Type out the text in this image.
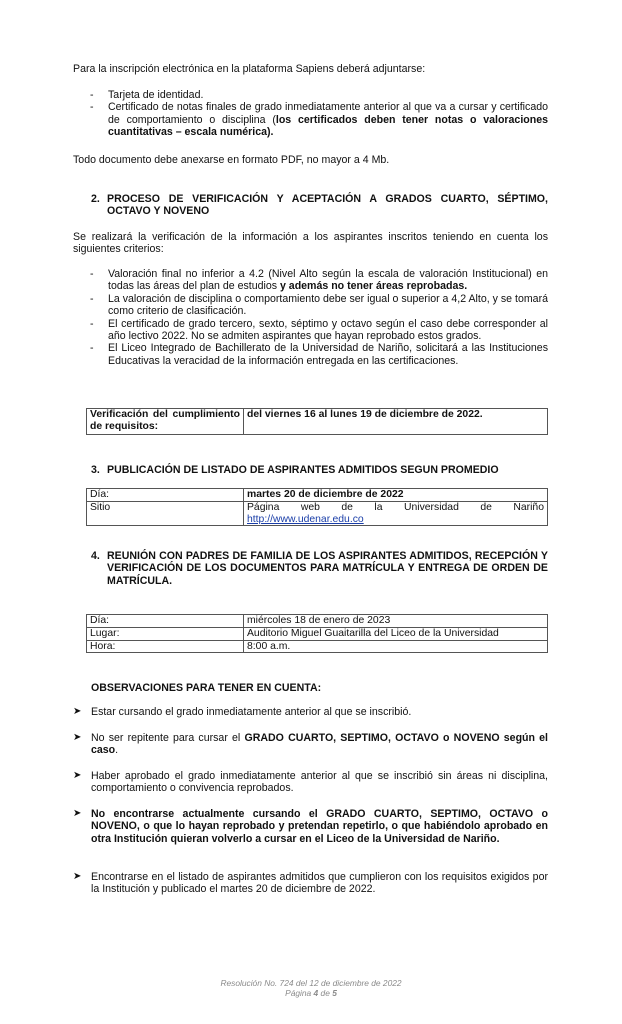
Para la inscripción electrónica en la plataforma Sapiens deberá adjuntarse:

- Tarjeta de identidad.
- Certificado de notas finales de grado inmediatamente anterior al que va a cursar y certificado de comportamiento o disciplina (los certificados deben tener notas o valoraciones cuantitativas – escala numérica).

Todo documento debe anexarse en formato PDF, no mayor a 4 Mb.

2. PROCESO DE VERIFICACIÓN Y ACEPTACIÓN A GRADOS CUARTO, SÉPTIMO, OCTAVO Y NOVENO

Se realizará la verificación de la información a los aspirantes inscritos teniendo en cuenta los siguientes criterios:

- Valoración final no inferior a 4.2 (Nivel Alto según la escala de valoración Institucional) en todas las áreas del plan de estudios y además no tener áreas reprobadas.
- La valoración de disciplina o comportamiento debe ser igual o superior a 4,2 Alto, y se tomará como criterio de clasificación.
- El certificado de grado tercero, sexto, séptimo y octavo según el caso debe corresponder al año lectivo 2022. No se admiten aspirantes que hayan reprobado estos grados.
- El Liceo Integrado de Bachillerato de la Universidad de Nariño, solicitará a las Instituciones Educativas la veracidad de la información entregada en las certificaciones.
Verificación del cumplimiento de requisitos:	del viernes 16 al lunes 19 de diciembre de 2022.
3. PUBLICACIÓN DE LISTADO DE ASPIRANTES ADMITIDOS SEGUN PROMEDIO
Día:	martes 20 de diciembre de 2022
Sitio	Página web de la Universidad de Nariño
http://www.udenar.edu.co
4. REUNIÓN CON PADRES DE FAMILIA DE LOS ASPIRANTES ADMITIDOS, RECEPCIÓN Y VERIFICACIÓN DE LOS DOCUMENTOS PARA MATRÍCULA Y ENTREGA DE ORDEN DE MATRÍCULA.
Día:	miércoles 18 de enero de 2023
Lugar:	Auditorio Miguel Guaitarilla del Liceo de la Universidad
Hora:	8:00 a.m.

OBSERVACIONES PARA TENER EN CUENTA:

➤ Estar cursando el grado inmediatamente anterior al que se inscribió.
➤ No ser repitente para cursar el GRADO CUARTO, SEPTIMO, OCTAVO o NOVENO según el caso.
➤ Haber aprobado el grado inmediatamente anterior al que se inscribió sin áreas ni disciplina, comportamiento o convivencia reprobados.
➤ No encontrarse actualmente cursando el GRADO CUARTO, SEPTIMO, OCTAVO o NOVENO, o que lo hayan reprobado y pretendan repetirlo, o que habiéndolo aprobado en otra Institución quieran volverlo a cursar en el Liceo de la Universidad de Nariño.
➤ Encontrarse en el listado de aspirantes admitidos que cumplieron con los requisitos exigidos por la Institución y publicado el martes 20 de diciembre de 2022.
Resolución No. 724 del 12 de diciembre de 2022
Página 4 de 5
